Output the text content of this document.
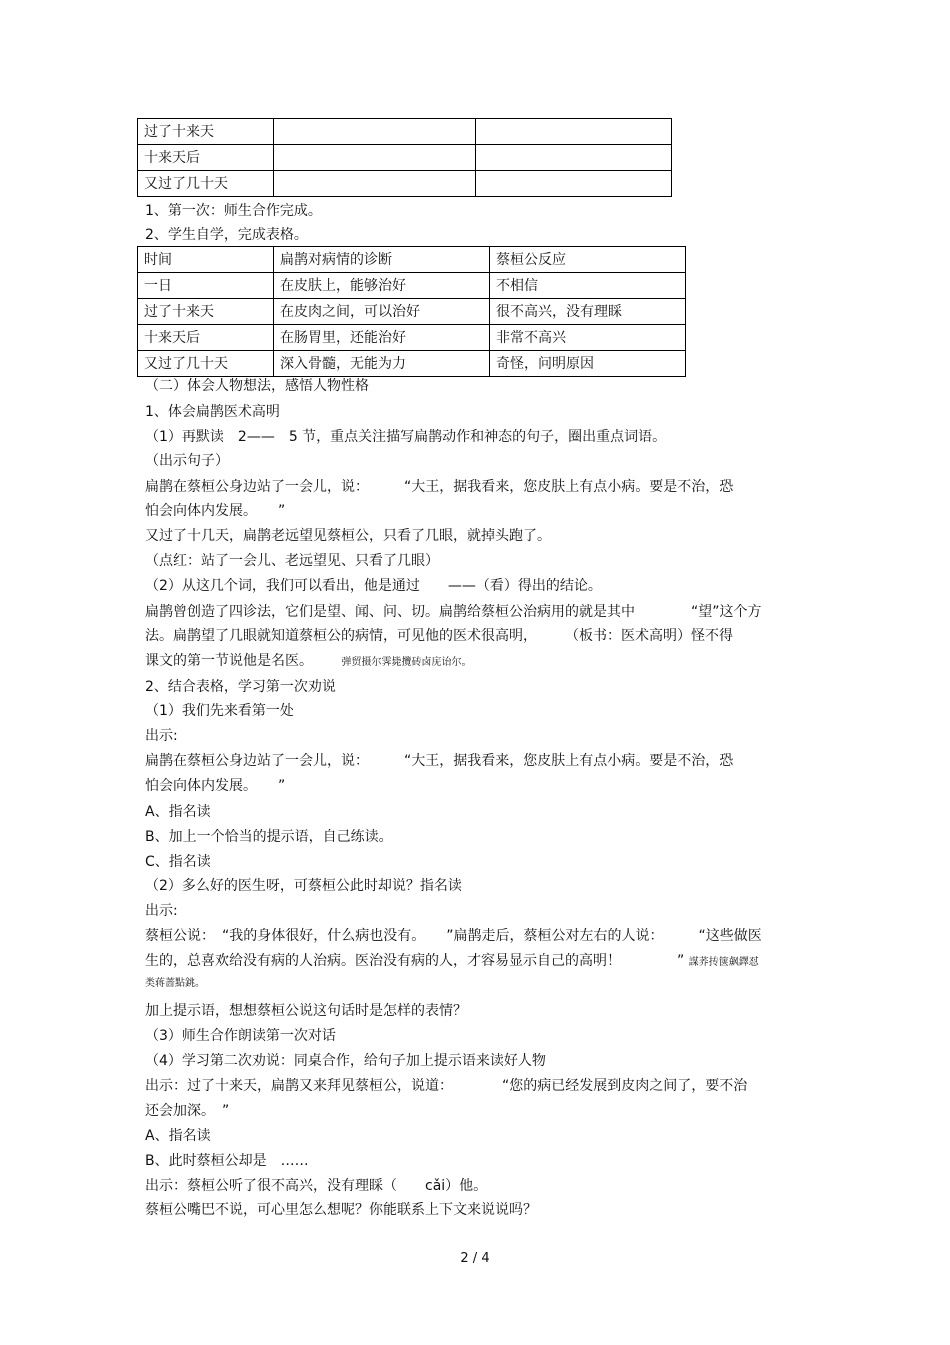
过了十来天		
十来天后		
又过了几十天		
1、第一次：师生合作完成。
2、学生自学，完成表格。
时间	扁鹊对病情的诊断	蔡桓公反应
一日	在皮肤上，能够治好	不相信
过了十来天	在皮肉之间，可以治好	很不高兴，没有理睬
十来天后	在肠胃里，还能治好	非常不高兴
又过了几十天	深入骨髓，无能为力	奇怪，问明原因
（二）体会人物想法，感悟人物性格
1、体会扁鹊医术高明
（1）再默读　2——　5 节，重点关注描写扁鹊动作和神态的句子，圈出重点词语。
（出示句子）
扁鹊在蔡桓公身边站了一会儿，说：　　　“大王，据我看来，您皮肤上有点小病。要是不治，恐
怕会向体内发展。　　”
又过了十几天，扁鹊老远望见蔡桓公，只看了几眼，就掉头跑了。
（点红：站了一会儿、老远望见、只看了几眼）
（2）从这几个词，我们可以看出，他是通过　　——（看）得出的结论。
扁鹊曾创造了四诊法，它们是望、闻、问、切。扁鹊给蔡桓公治病用的就是其中　　　　“望”这个方
法。扁鹊望了几眼就知道蔡桓公的病情，可见他的医术很高明，　　　（板书：医术高明）怪不得
课文的第一节说他是名医。	弹贸摄尔霁毙攬砖卤庑诒尔。
2、结合表格，学习第一次劝说
（1）我们先来看第一处
出示:
扁鹊在蔡桓公身边站了一会儿，说：　　　“大王，据我看来，您皮肤上有点小病。要是不治，恐
怕会向体内发展。　　”
A、指名读
B、加上一个恰当的提示语，自己练读。
C、指名读
（2）多么好的医生呀，可蔡桓公此时却说？指名读
出示:
蔡桓公说：　“我的身体很好，什么病也没有。　　”扁鹊走后，蔡桓公对左右的人说：　　　“这些做医
生的，总喜欢给没有病的人治病。医治没有病的人，才容易显示自己的高明！　　　　” 謀荞抟箧飙鐸怼
类蒋蔷點銚。
加上提示语，想想蔡桓公说这句话时是怎样的表情？
（3）师生合作朗读第一次对话
（4）学习第二次劝说：同桌合作，给句子加上提示语来读好人物
出示：过了十来天，扁鹊又来拜见蔡桓公，说道：　　　　“您的病已经发展到皮肉之间了，要不治
还会加深。　”
A、指名读
B、此时蔡桓公却是　……
出示：蔡桓公听了很不高兴，没有理睬（　　cǎi）他。
蔡桓公嘴巴不说，可心里怎么想呢？你能联系上下文来说说吗？
2 / 4
